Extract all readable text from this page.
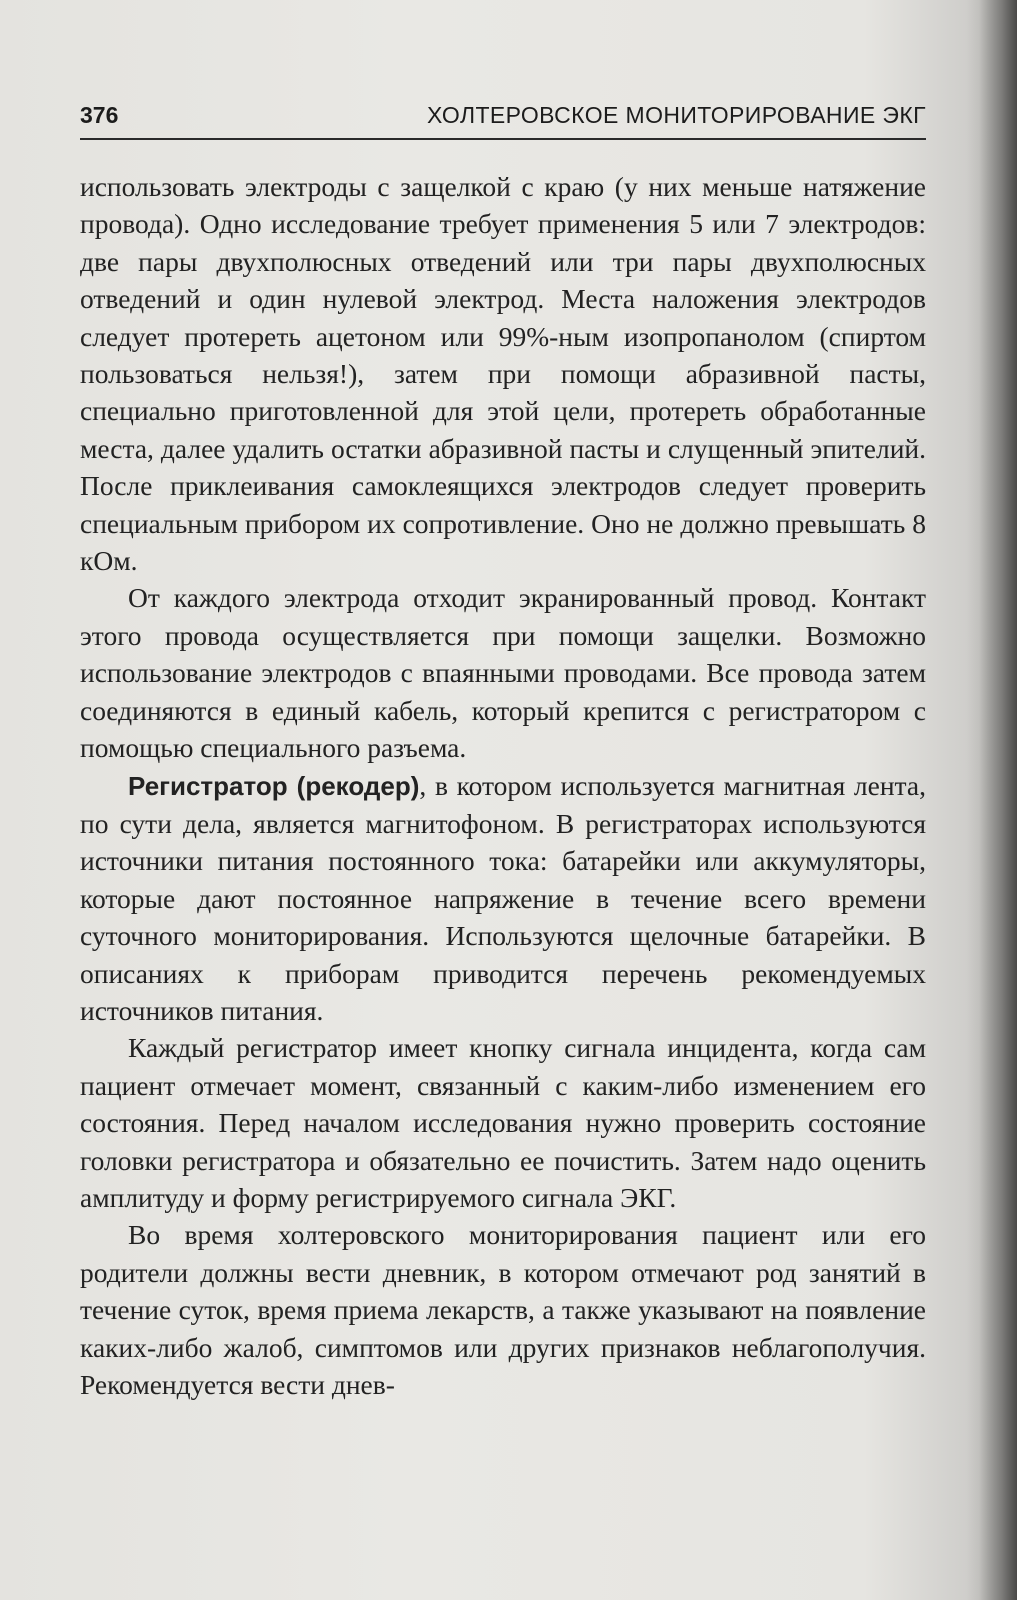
376	ХОЛТЕРОВСКОЕ МОНИТОРИРОВАНИЕ ЭКГ

использовать электроды с защелкой с краю (у них меньше натяжение провода). Одно исследование требует применения 5 или 7 электродов: две пары двухполюсных отведений или три пары двухполюсных отведений и один нулевой электрод. Места наложения электродов следует протереть ацетоном или 99%-ным изопропанолом (спиртом пользоваться нельзя!), затем при помощи абразивной пасты, специально приготовленной для этой цели, протереть обработанные места, далее удалить остатки абразивной пасты и слущенный эпителий. После приклеивания самоклеящихся электродов следует проверить специальным прибором их сопротивление. Оно не должно превышать 8 кОм.

От каждого электрода отходит экранированный провод. Контакт этого провода осуществляется при помощи защелки. Возможно использование электродов с впаянными проводами. Все провода затем соединяются в единый кабель, который крепится с регистратором с помощью специального разъема.

Регистратор (рекодер), в котором используется магнитная лента, по сути дела, является магнитофоном. В регистраторах используются источники питания постоянного тока: батарейки или аккумуляторы, которые дают постоянное напряжение в течение всего времени суточного мониторирования. Используются щелочные батарейки. В описаниях к приборам приводится перечень рекомендуемых источников питания.

Каждый регистратор имеет кнопку сигнала инцидента, когда сам пациент отмечает момент, связанный с каким-либо изменением его состояния. Перед началом исследования нужно проверить состояние головки регистратора и обязательно ее почистить. Затем надо оценить амплитуду и форму регистрируемого сигнала ЭКГ.

Во время холтеровского мониторирования пациент или его родители должны вести дневник, в котором отмечают род занятий в течение суток, время приема лекарств, а также указывают на появление каких-либо жалоб, симптомов или других признаков неблагополучия. Рекомендуется вести днев-
